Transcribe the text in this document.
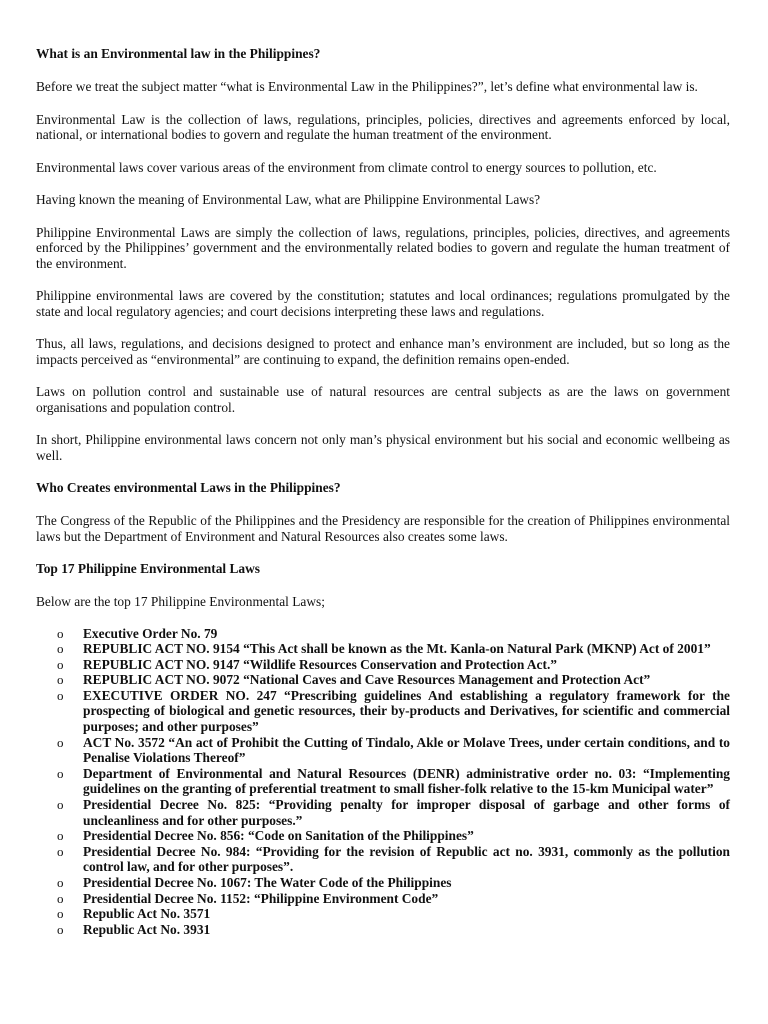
What is an Environmental law in the Philippines?

Before we treat the subject matter “what is Environmental Law in the Philippines?”, let’s define what environmental law is.

Environmental Law is the collection of laws, regulations, principles, policies, directives and agreements enforced by local, national, or international bodies to govern and regulate the human treatment of the environment.

Environmental laws cover various areas of the environment from climate control to energy sources to pollution, etc.

Having known the meaning of Environmental Law, what are Philippine Environmental Laws?

Philippine Environmental Laws are simply the collection of laws, regulations, principles, policies, directives, and agreements enforced by the Philippines’ government and the environmentally related bodies to govern and regulate the human treatment of the environment.

Philippine environmental laws are covered by the constitution; statutes and local ordinances; regulations promulgated by the state and local regulatory agencies; and court decisions interpreting these laws and regulations.

Thus, all laws, regulations, and decisions designed to protect and enhance man’s environment are included, but so long as the impacts perceived as “environmental” are continuing to expand, the definition remains open-ended.

Laws on pollution control and sustainable use of natural resources are central subjects as are the laws on government organisations and population control.

In short, Philippine environmental laws concern not only man’s physical environment but his social and economic wellbeing as well.

Who Creates environmental Laws in the Philippines?

The Congress of the Republic of the Philippines and the Presidency are responsible for the creation of Philippines environmental laws but the Department of Environment and Natural Resources also creates some laws.

Top 17 Philippine Environmental Laws

Below are the top 17 Philippine Environmental Laws;

o Executive Order No. 79
o REPUBLIC ACT NO. 9154 “This Act shall be known as the Mt. Kanla-on Natural Park (MKNP) Act of 2001”
o REPUBLIC ACT NO. 9147 “Wildlife Resources Conservation and Protection Act.”
o REPUBLIC ACT NO. 9072 “National Caves and Cave Resources Management and Protection Act”
o EXECUTIVE ORDER NO. 247 “Prescribing guidelines And establishing a regulatory framework for the prospecting of biological and genetic resources, their by-products and Derivatives, for scientific and commercial purposes; and other purposes”
o ACT No. 3572 “An act of Prohibit the Cutting of Tindalo, Akle or Molave Trees, under certain conditions, and to Penalise Violations Thereof”
o Department of Environmental and Natural Resources (DENR) administrative order no. 03: “Implementing guidelines on the granting of preferential treatment to small fisher-folk relative to the 15-km Municipal water”
o Presidential Decree No. 825: “Providing penalty for improper disposal of garbage and other forms of uncleanliness and for other purposes.”
o Presidential Decree No. 856: “Code on Sanitation of the Philippines”
o Presidential Decree No. 984: “Providing for the revision of Republic act no. 3931, commonly as the pollution control law, and for other purposes”.
o Presidential Decree No. 1067: The Water Code of the Philippines
o Presidential Decree No. 1152: “Philippine Environment Code”
o Republic Act No. 3571
o Republic Act No. 3931
